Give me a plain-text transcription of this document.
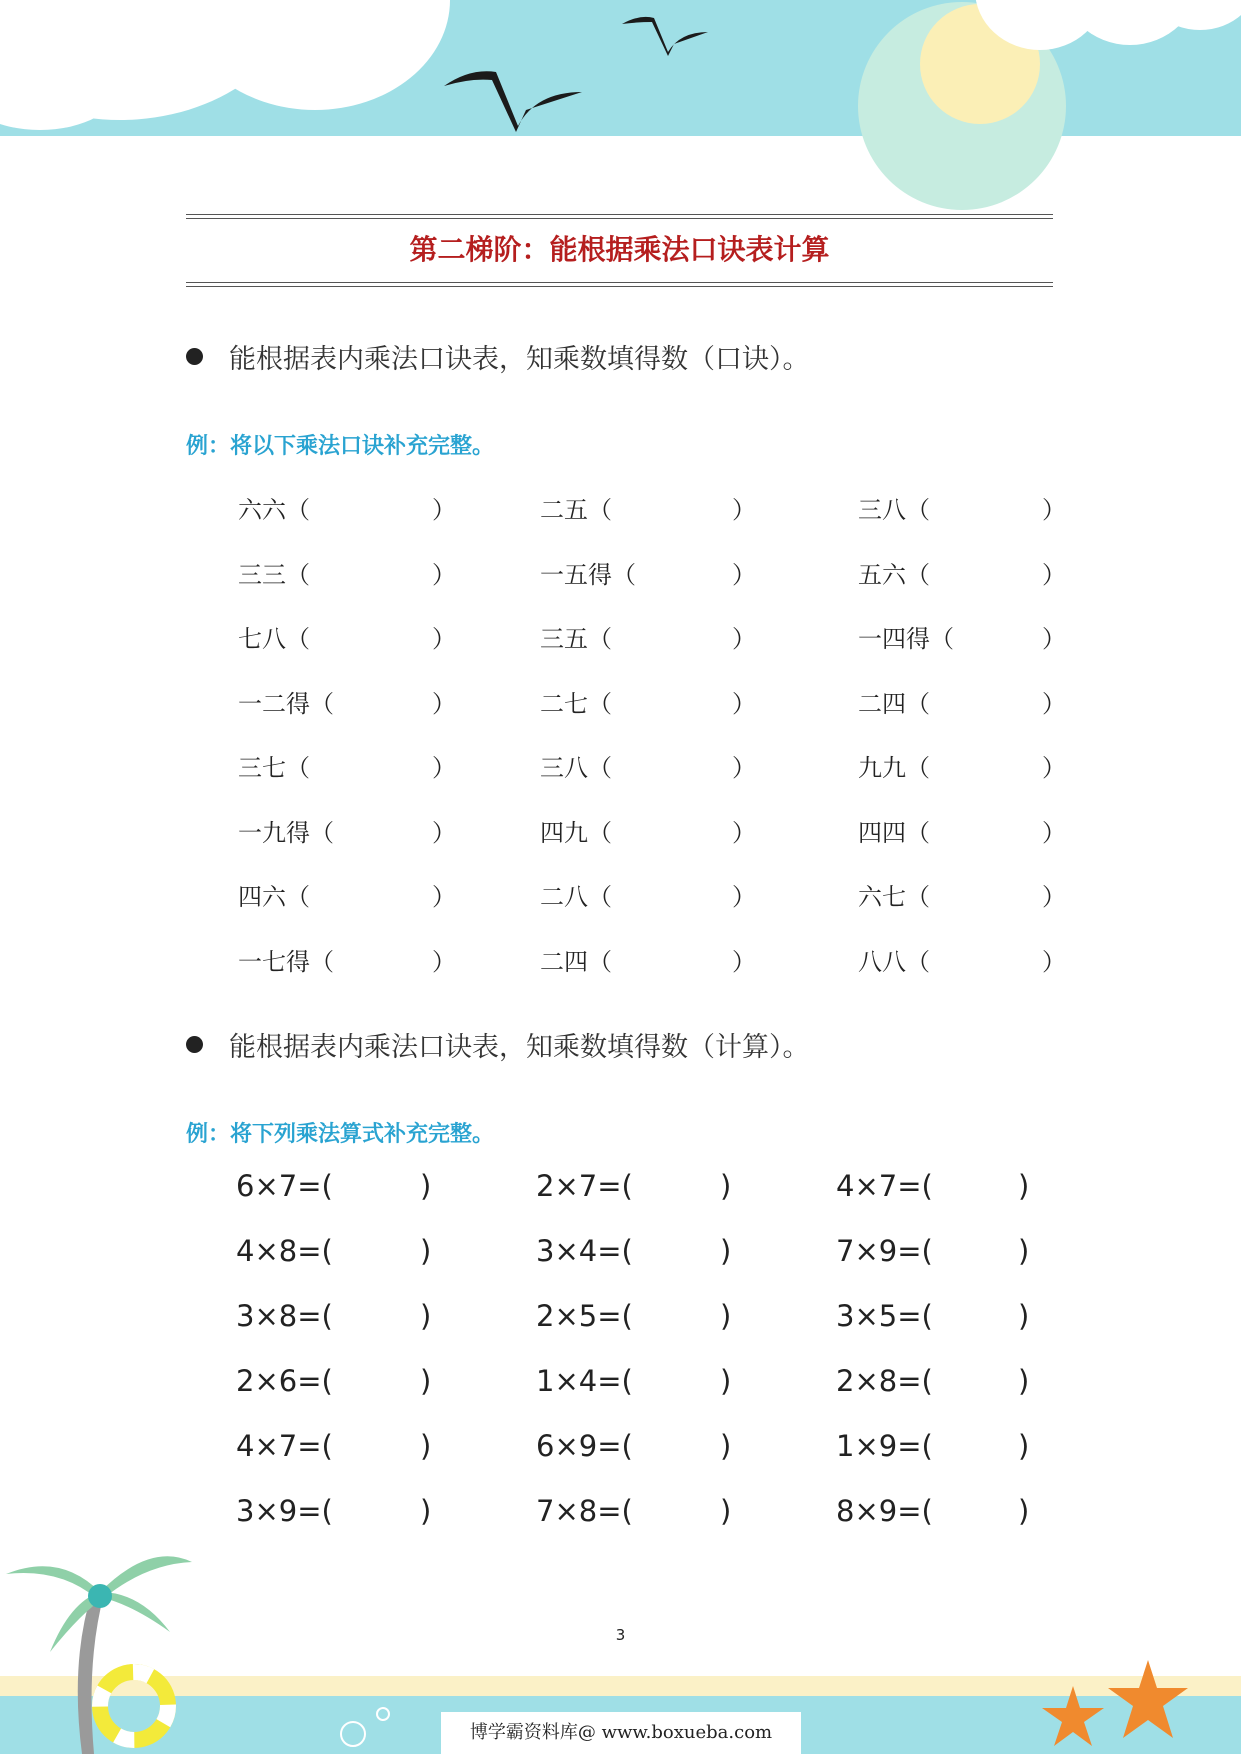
第二梯阶：能根据乘法口诀表计算
能根据表内乘法口诀表，知乘数填得数（口诀）。
例：将以下乘法口诀补充完整。
六六（	）	二五（	）	三八（	）
三三（	）	一五得（	）	五六（	）
七八（	）	三五（	）	一四得（	）
一二得（	）	二七（	）	二四（	）
三七（	）	三八（	）	九九（	）
一九得（	）	四九（	）	四四（	）
四六（	）	二八（	）	六七（	）
一七得（	）	二四（	）	八八（	）
能根据表内乘法口诀表，知乘数填得数（计算）。
例：将下列乘法算式补充完整。
6×7=(	)	2×7=(	)	4×7=(	)
4×8=(	)	3×4=(	)	7×9=(	)
3×8=(	)	2×5=(	)	3×5=(	)
2×6=(	)	1×4=(	)	2×8=(	)
4×7=(	)	6×9=(	)	1×9=(	)
3×9=(	)	7×8=(	)	8×9=(	)
3
博学霸资料库@ www.boxueba.com
